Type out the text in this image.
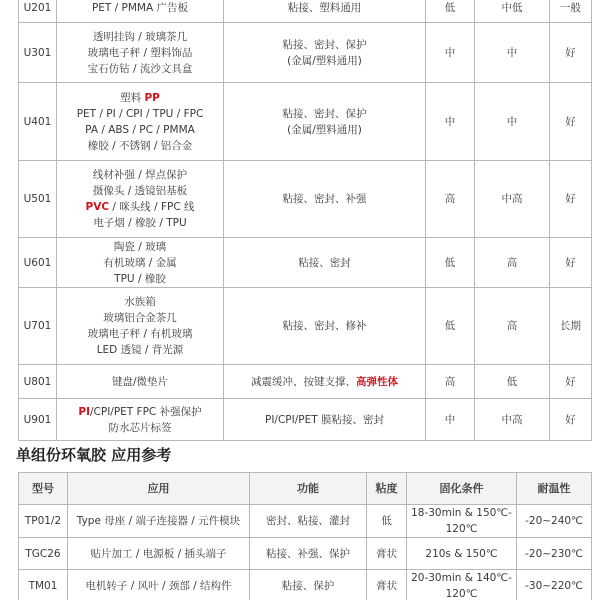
U201	PET / PMMA 广告板	粘接、塑料通用	低	中低	一般
U301	透明挂钩 / 玻璃茶几
玻璃电子秤 / 塑料饰品
宝石仿钻 / 流沙文具盒	粘接、密封、保护
(金属/塑料通用)	中	中	好
U401	塑料 PP
PET / PI / CPI / TPU / FPC
PA / ABS / PC / PMMA
橡胶 / 不锈钢 / 铝合金	粘接、密封、保护
(金属/塑料通用)	中	中	好
U501	线材补强 / 焊点保护
摄像头 / 透镜铝基板
PVC / 咪头线 / FPC 线
电子烟 / 橡胶 / TPU	粘接、密封、补强	高	中高	好
U601	陶瓷 / 玻璃
有机玻璃 / 金属
TPU / 橡胶	粘接、密封	低	高	好
U701	水族箱
玻璃铝合金茶几
玻璃电子秤 / 有机玻璃
LED 透镜 / 背光源	粘接、密封、修补	低	高	长期
U801	键盘/微垫片	减震缓冲、按键支撑、高弹性体	高	低	好
U901	PI/CPI/PET FPC 补强保护
防水芯片标签	PI/CPI/PET 膜粘接、密封	中	中高	好
单组份环氧胶 应用参考
型号	应用	功能	粘度	固化条件	耐温性
TP01/2	Type 母座 / 端子连接器 / 元件模块	密封、粘接、灌封	低	18-30min & 150℃-
120℃	-20~240℃
TGC26	贴片加工 / 电源板 / 插头端子	粘接、补强、保护	膏状	210s & 150℃	-20~230℃
TM01	电机转子 / 风叶 / 颈部 / 结构件	粘接、保护	膏状	20-30min & 140℃-
120℃	-30~220℃
